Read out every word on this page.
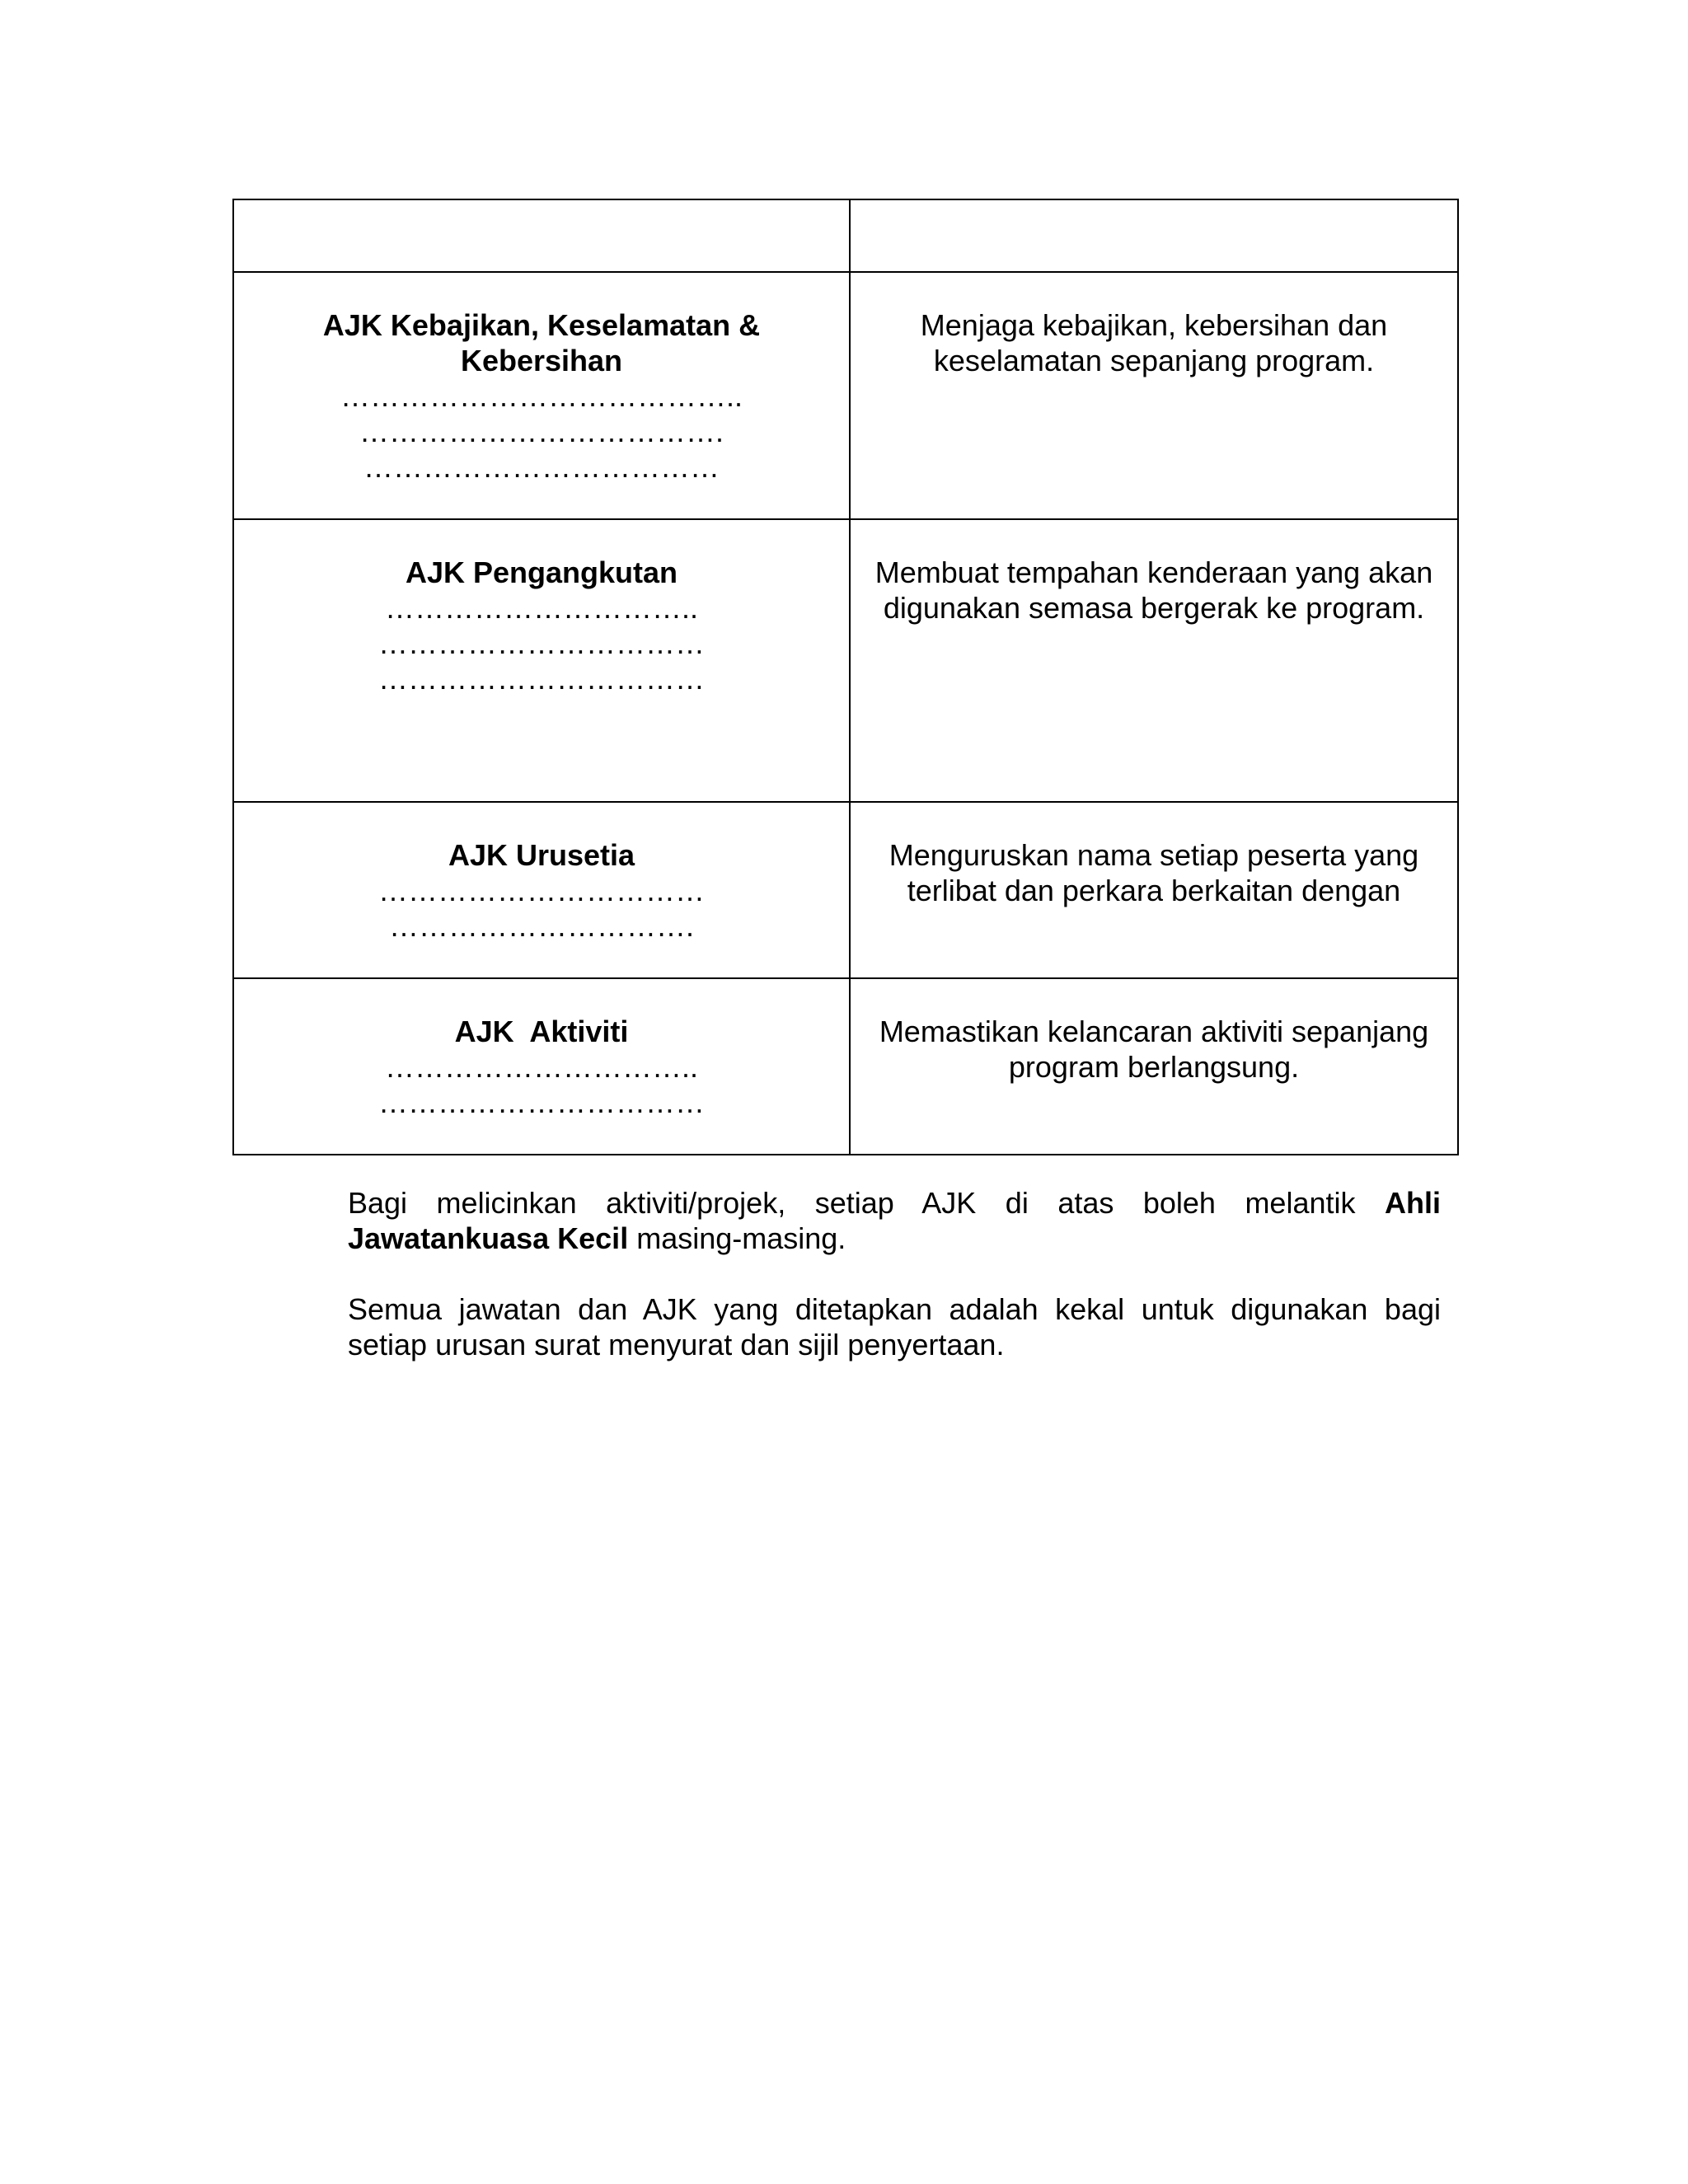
AJK Kebajikan, Keselamatan & Kebersihan
…………………………………..
……………………………….
………………………………	Menjaga kebajikan, kebersihan dan keselamatan sepanjang program.

AJK Pengangkutan
…………………………..
……………………………
……………………………	Membuat tempahan kenderaan yang akan digunakan semasa bergerak ke program.

AJK Urusetia
……………………………
………………………….	Menguruskan nama setiap peserta yang terlibat dan perkara berkaitan dengan

AJK  Aktiviti
…………………………..
……………………………	Memastikan kelancaran aktiviti sepanjang program berlangsung.

Bagi melicinkan aktiviti/projek, setiap AJK di atas boleh melantik Ahli Jawatankuasa Kecil masing-masing.

Semua jawatan dan AJK yang ditetapkan adalah kekal untuk digunakan bagi setiap urusan surat menyurat dan sijil penyertaan.
